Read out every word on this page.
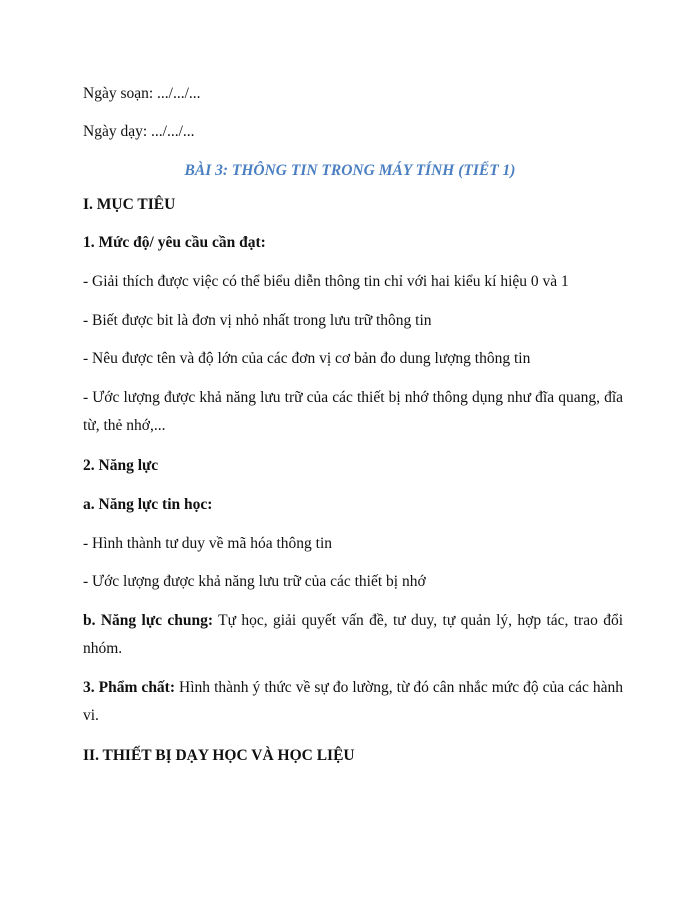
Ngày soạn: .../.../...
Ngày dạy: .../.../...
BÀI 3: THÔNG TIN TRONG MÁY TÍNH (TIẾT 1)
I. MỤC TIÊU
1. Mức độ/ yêu cầu cần đạt:
- Giải thích được việc có thể biểu diễn thông tin chỉ với hai kiểu kí hiệu 0 và 1
- Biết được bit là đơn vị nhỏ nhất trong lưu trữ thông tin
- Nêu được tên và độ lớn của các đơn vị cơ bản đo dung lượng thông tin
- Ước lượng được khả năng lưu trữ của các thiết bị nhớ thông dụng như đĩa quang, đĩa từ, thẻ nhớ,...
2. Năng lực
a. Năng lực tin học:
- Hình thành tư duy về mã hóa thông tin
- Ước lượng được khả năng lưu trữ của các thiết bị nhớ
b. Năng lực chung: Tự học, giải quyết vấn đề, tư duy, tự quản lý, hợp tác, trao đổi nhóm.
3. Phẩm chất: Hình thành ý thức về sự đo lường, từ đó cân nhắc mức độ của các hành vi.
II. THIẾT BỊ DẠY HỌC VÀ HỌC LIỆU
